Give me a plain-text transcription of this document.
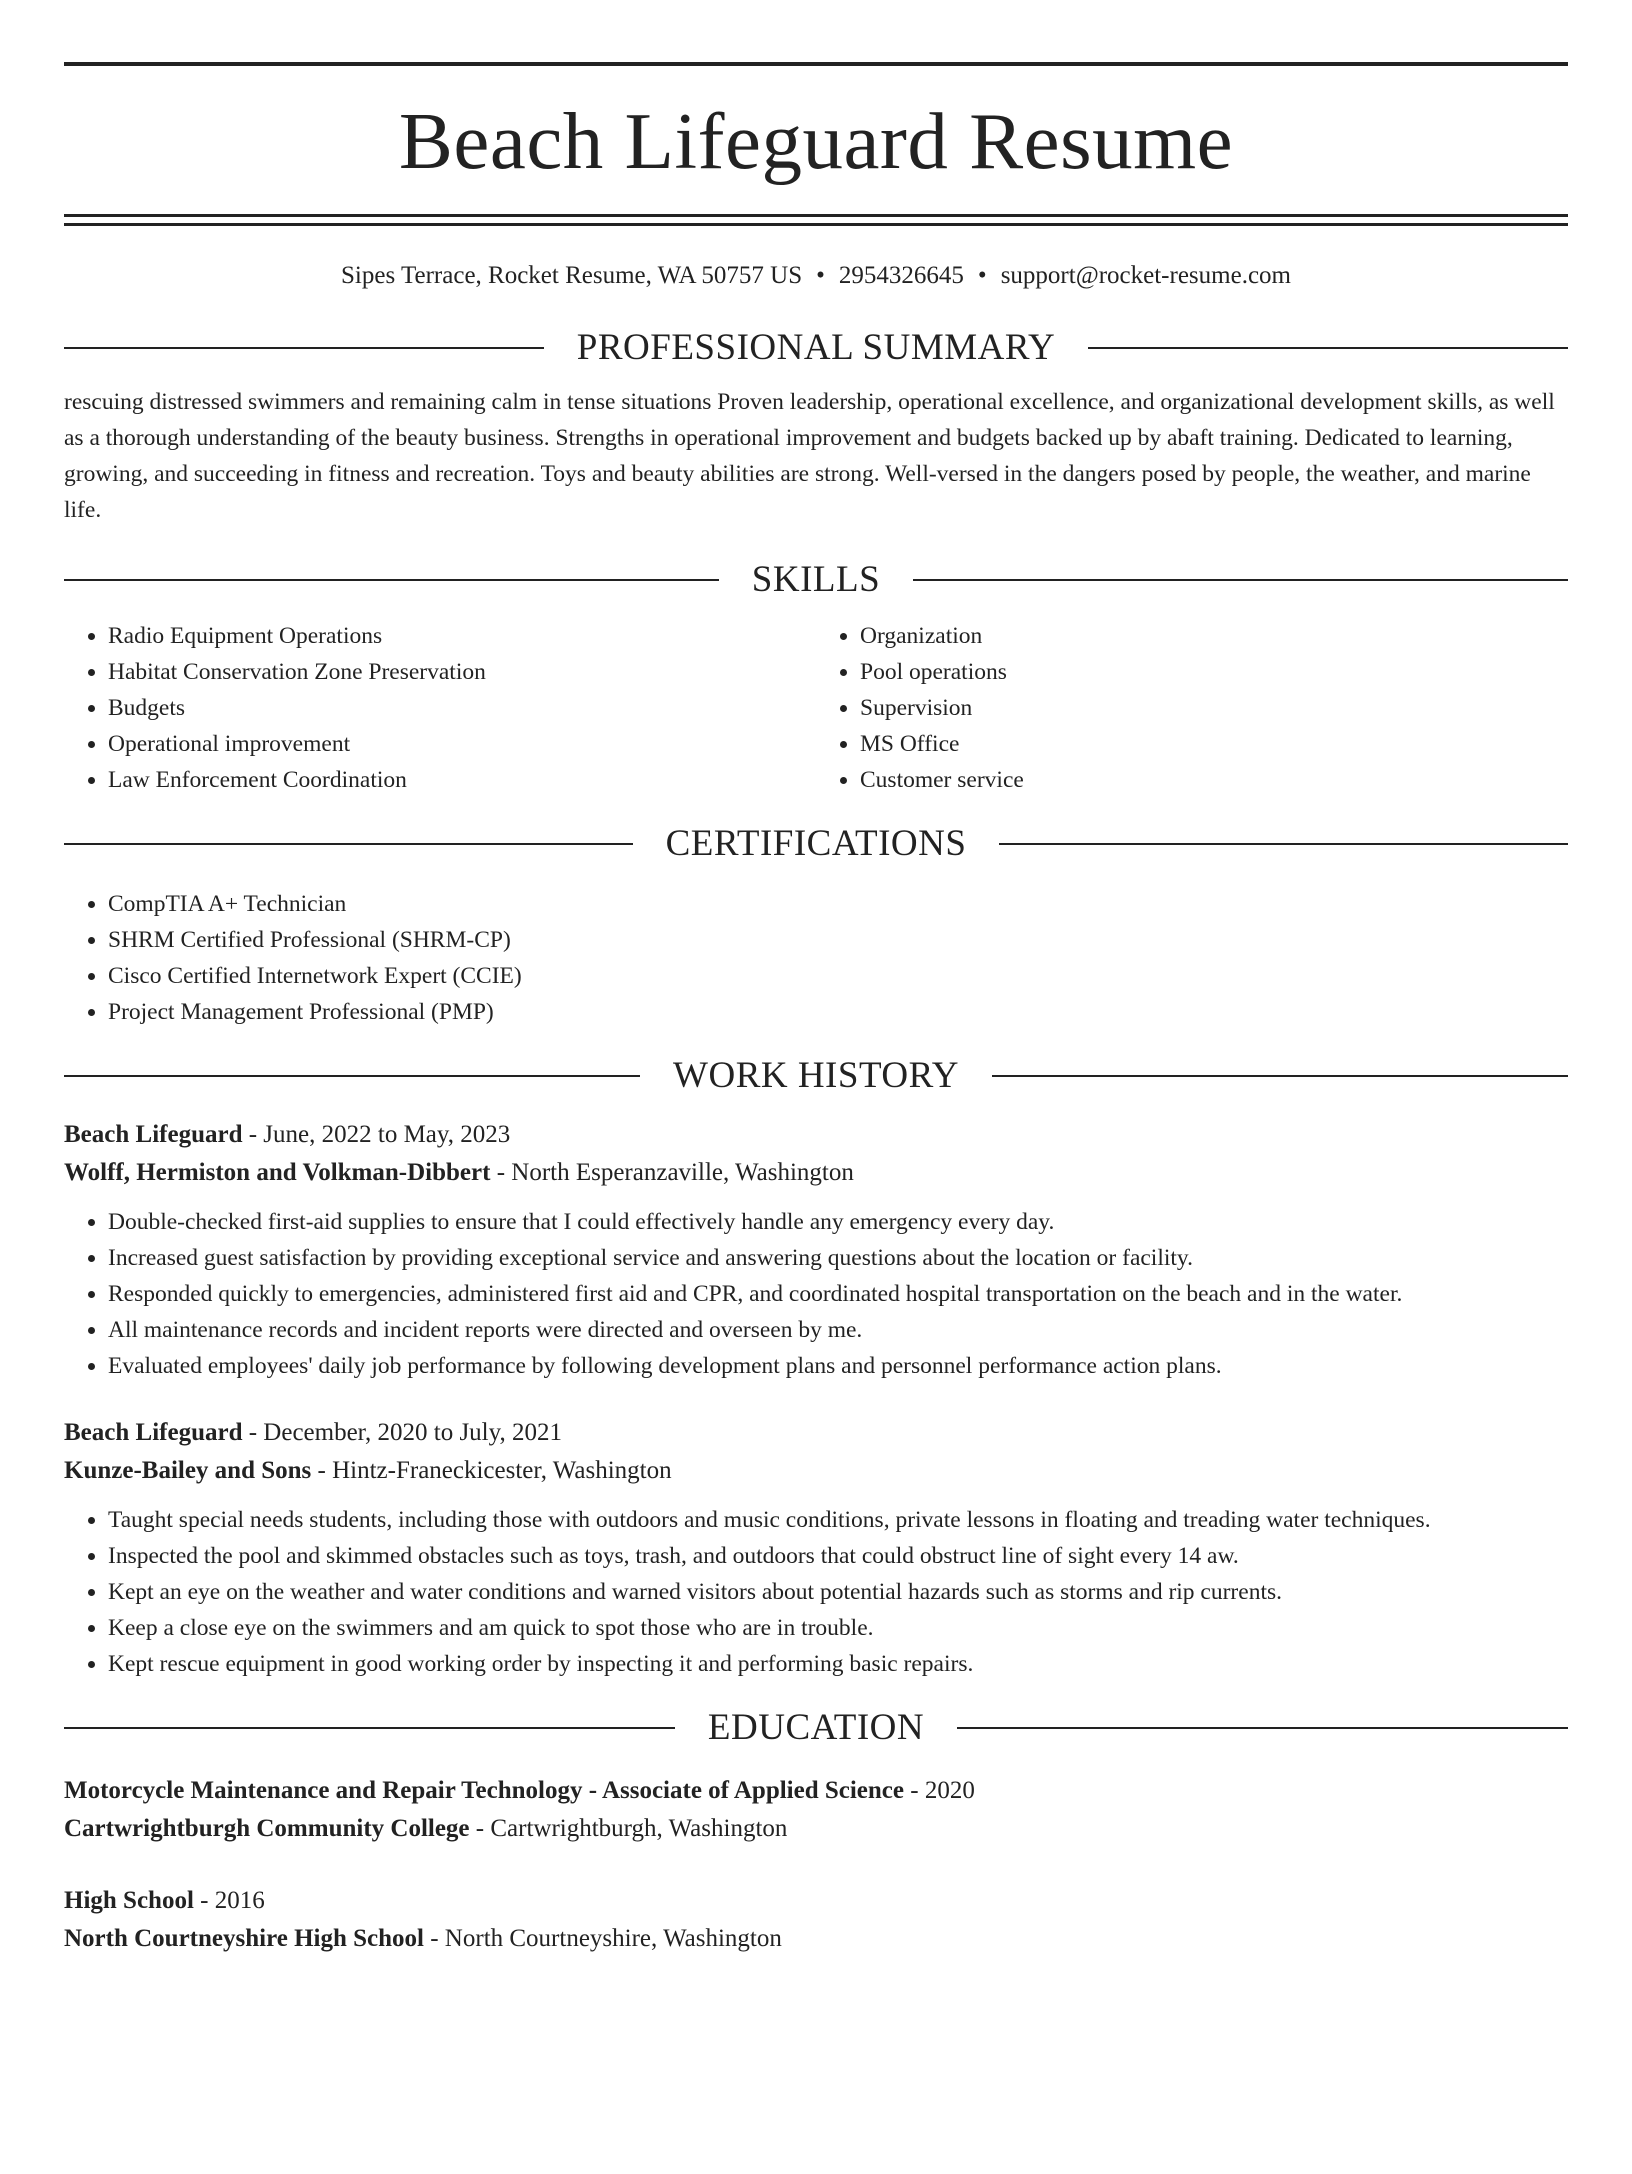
Beach Lifeguard Resume
Sipes Terrace, Rocket Resume, WA 50757 US • 2954326645 • support@rocket-resume.com
PROFESSIONAL SUMMARY

rescuing distressed swimmers and remaining calm in tense situations Proven leadership, operational excellence, and organizational development skills, as well as a thorough understanding of the beauty business. Strengths in operational improvement and budgets backed up by abaft training. Dedicated to learning, growing, and succeeding in fitness and recreation. Toys and beauty abilities are strong. Well-versed in the dangers posed by people, the weather, and marine life.

SKILLS
• Radio Equipment Operations
• Habitat Conservation Zone Preservation
• Budgets
• Operational improvement
• Law Enforcement Coordination
• Organization
• Pool operations
• Supervision
• MS Office
• Customer service
CERTIFICATIONS
• CompTIA A+ Technician
• SHRM Certified Professional (SHRM-CP)
• Cisco Certified Internetwork Expert (CCIE)
• Project Management Professional (PMP)
WORK HISTORY
Beach Lifeguard - June, 2022 to May, 2023
Wolff, Hermiston and Volkman-Dibbert - North Esperanzaville, Washington
• Double-checked first-aid supplies to ensure that I could effectively handle any emergency every day.
• Increased guest satisfaction by providing exceptional service and answering questions about the location or facility.
• Responded quickly to emergencies, administered first aid and CPR, and coordinated hospital transportation on the beach and in the water.
• All maintenance records and incident reports were directed and overseen by me.
• Evaluated employees' daily job performance by following development plans and personnel performance action plans.
Beach Lifeguard - December, 2020 to July, 2021
Kunze-Bailey and Sons - Hintz-Franeckicester, Washington
• Taught special needs students, including those with outdoors and music conditions, private lessons in floating and treading water techniques.
• Inspected the pool and skimmed obstacles such as toys, trash, and outdoors that could obstruct line of sight every 14 aw.
• Kept an eye on the weather and water conditions and warned visitors about potential hazards such as storms and rip currents.
• Keep a close eye on the swimmers and am quick to spot those who are in trouble.
• Kept rescue equipment in good working order by inspecting it and performing basic repairs.
EDUCATION
Motorcycle Maintenance and Repair Technology - Associate of Applied Science - 2020
Cartwrightburgh Community College - Cartwrightburgh, Washington
High School - 2016
North Courtneyshire High School - North Courtneyshire, Washington
